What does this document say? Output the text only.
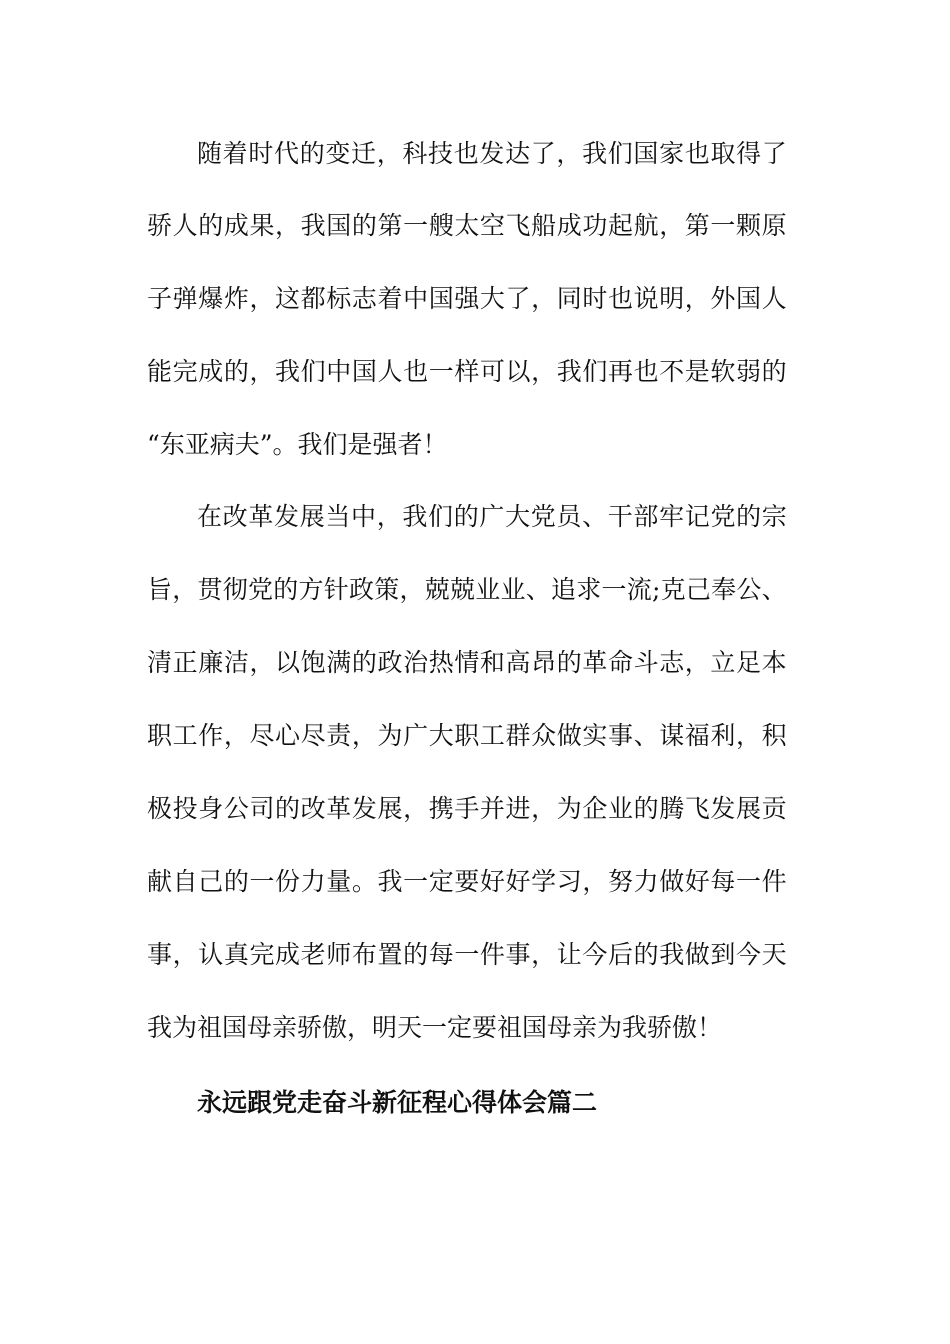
随 着 时 代 的 变 迁 ， 科 技 也 发 达 了 ， 我 们 国 家 也 取 得 了
骄 人 的 成 果 ， 我 国 的 第 一 艘 太 空 飞 船 成 功 起 航 ， 第 一 颗 原
子 弹 爆 炸 ， 这 都 标 志 着 中 国 强 大 了 ， 同 时 也 说 明 ， 外 国 人
能 完 成 的 ， 我 们 中 国 人 也 一 样 可 以 ， 我 们 再 也 不 是 软 弱 的
“东亚病夫”。我们是强者！
在 改 革 发 展 当 中 ， 我 们 的 广 大 党 员 、 干 部 牢 记 党 的 宗
旨 ， 贯 彻 党 的 方 针 政 策 ， 兢 兢 业 业 、 追 求 一 流 ; 克 己 奉 公 、
清 正 廉 洁 ， 以 饱 满 的 政 治 热 情 和 高 昂 的 革 命 斗 志 ， 立 足 本
职 工 作 ， 尽 心 尽 责 ， 为 广 大 职 工 群 众 做 实 事 、 谋 福 利 ， 积
极 投 身 公 司 的 改 革 发 展 ， 携 手 并 进 ， 为 企 业 的 腾 飞 发 展 贡
献 自 己 的 一 份 力 量 。 我 一 定 要 好 好 学 习 ， 努 力 做 好 每 一 件
事 ， 认 真 完 成 老 师 布 置 的 每 一 件 事 ， 让 今 后 的 我 做 到 今 天
我为祖国母亲骄傲，明天一定要祖国母亲为我骄傲！
永远跟党走奋斗新征程心得体会篇二
